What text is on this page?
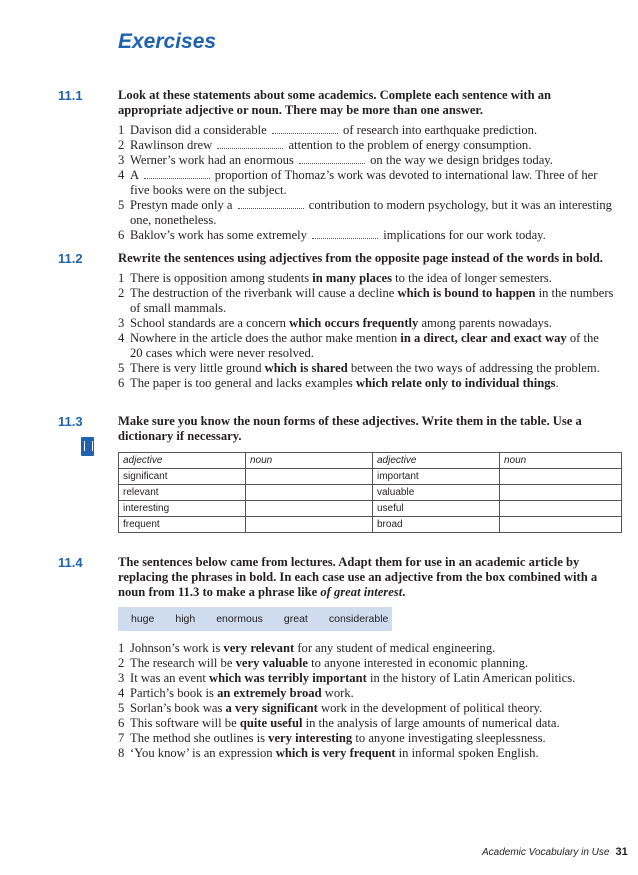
Exercises
11.1	Look at these statements about some academics. Complete each sentence with an appropriate adjective or noun. There may be more than one answer.

1 Davison did a considerable	of research into earthquake prediction.
2 Rawlinson drew	attention to the problem of energy consumption.
3 Werner’s work had an enormous	on the way we design bridges today.
4 A	proportion of Thomaz’s work was devoted to international law. Three of her five books were on the subject.
5 Prestyn made only a	contribution to modern psychology, but it was an interesting one, nonetheless.
6 Baklov’s work has some extremely	implications for our work today.
11.2	Rewrite the sentences using adjectives from the opposite page instead of the words in bold.

1 There is opposition among students in many places to the idea of longer semesters.
2 The destruction of the riverbank will cause a decline which is bound to happen in the numbers of small mammals.
3 School standards are a concern which occurs frequently among parents nowadays.
4 Nowhere in the article does the author make mention in a direct, clear and exact way of the 20 cases which were never resolved.
5 There is very little ground which is shared between the two ways of addressing the problem.
6 The paper is too general and lacks examples which relate only to individual things.
11.3	Make sure you know the noun forms of these adjectives. Write them in the table. Use a dictionary if necessary.

adjective	noun	adjective	noun
significant		important	
relevant		valuable	
interesting		useful	
frequent		broad	
11.4	The sentences below came from lectures. Adapt them for use in an academic article by replacing the phrases in bold. In each case use an adjective from the box combined with a noun from 11.3 to make a phrase like of great interest.

huge high enormous great considerable
1 Johnson’s work is very relevant for any student of medical engineering.
2 The research will be very valuable to anyone interested in economic planning.
3 It was an event which was terribly important in the history of Latin American politics.
4 Partich’s book is an extremely broad work.
5 Sorlan’s book was a very significant work in the development of political theory.
6 This software will be quite useful in the analysis of large amounts of numerical data.
7 The method she outlines is very interesting to anyone investigating sleeplessness.
8 ‘You know’ is an expression which is very frequent in informal spoken English.
Academic Vocabulary in Use 31
